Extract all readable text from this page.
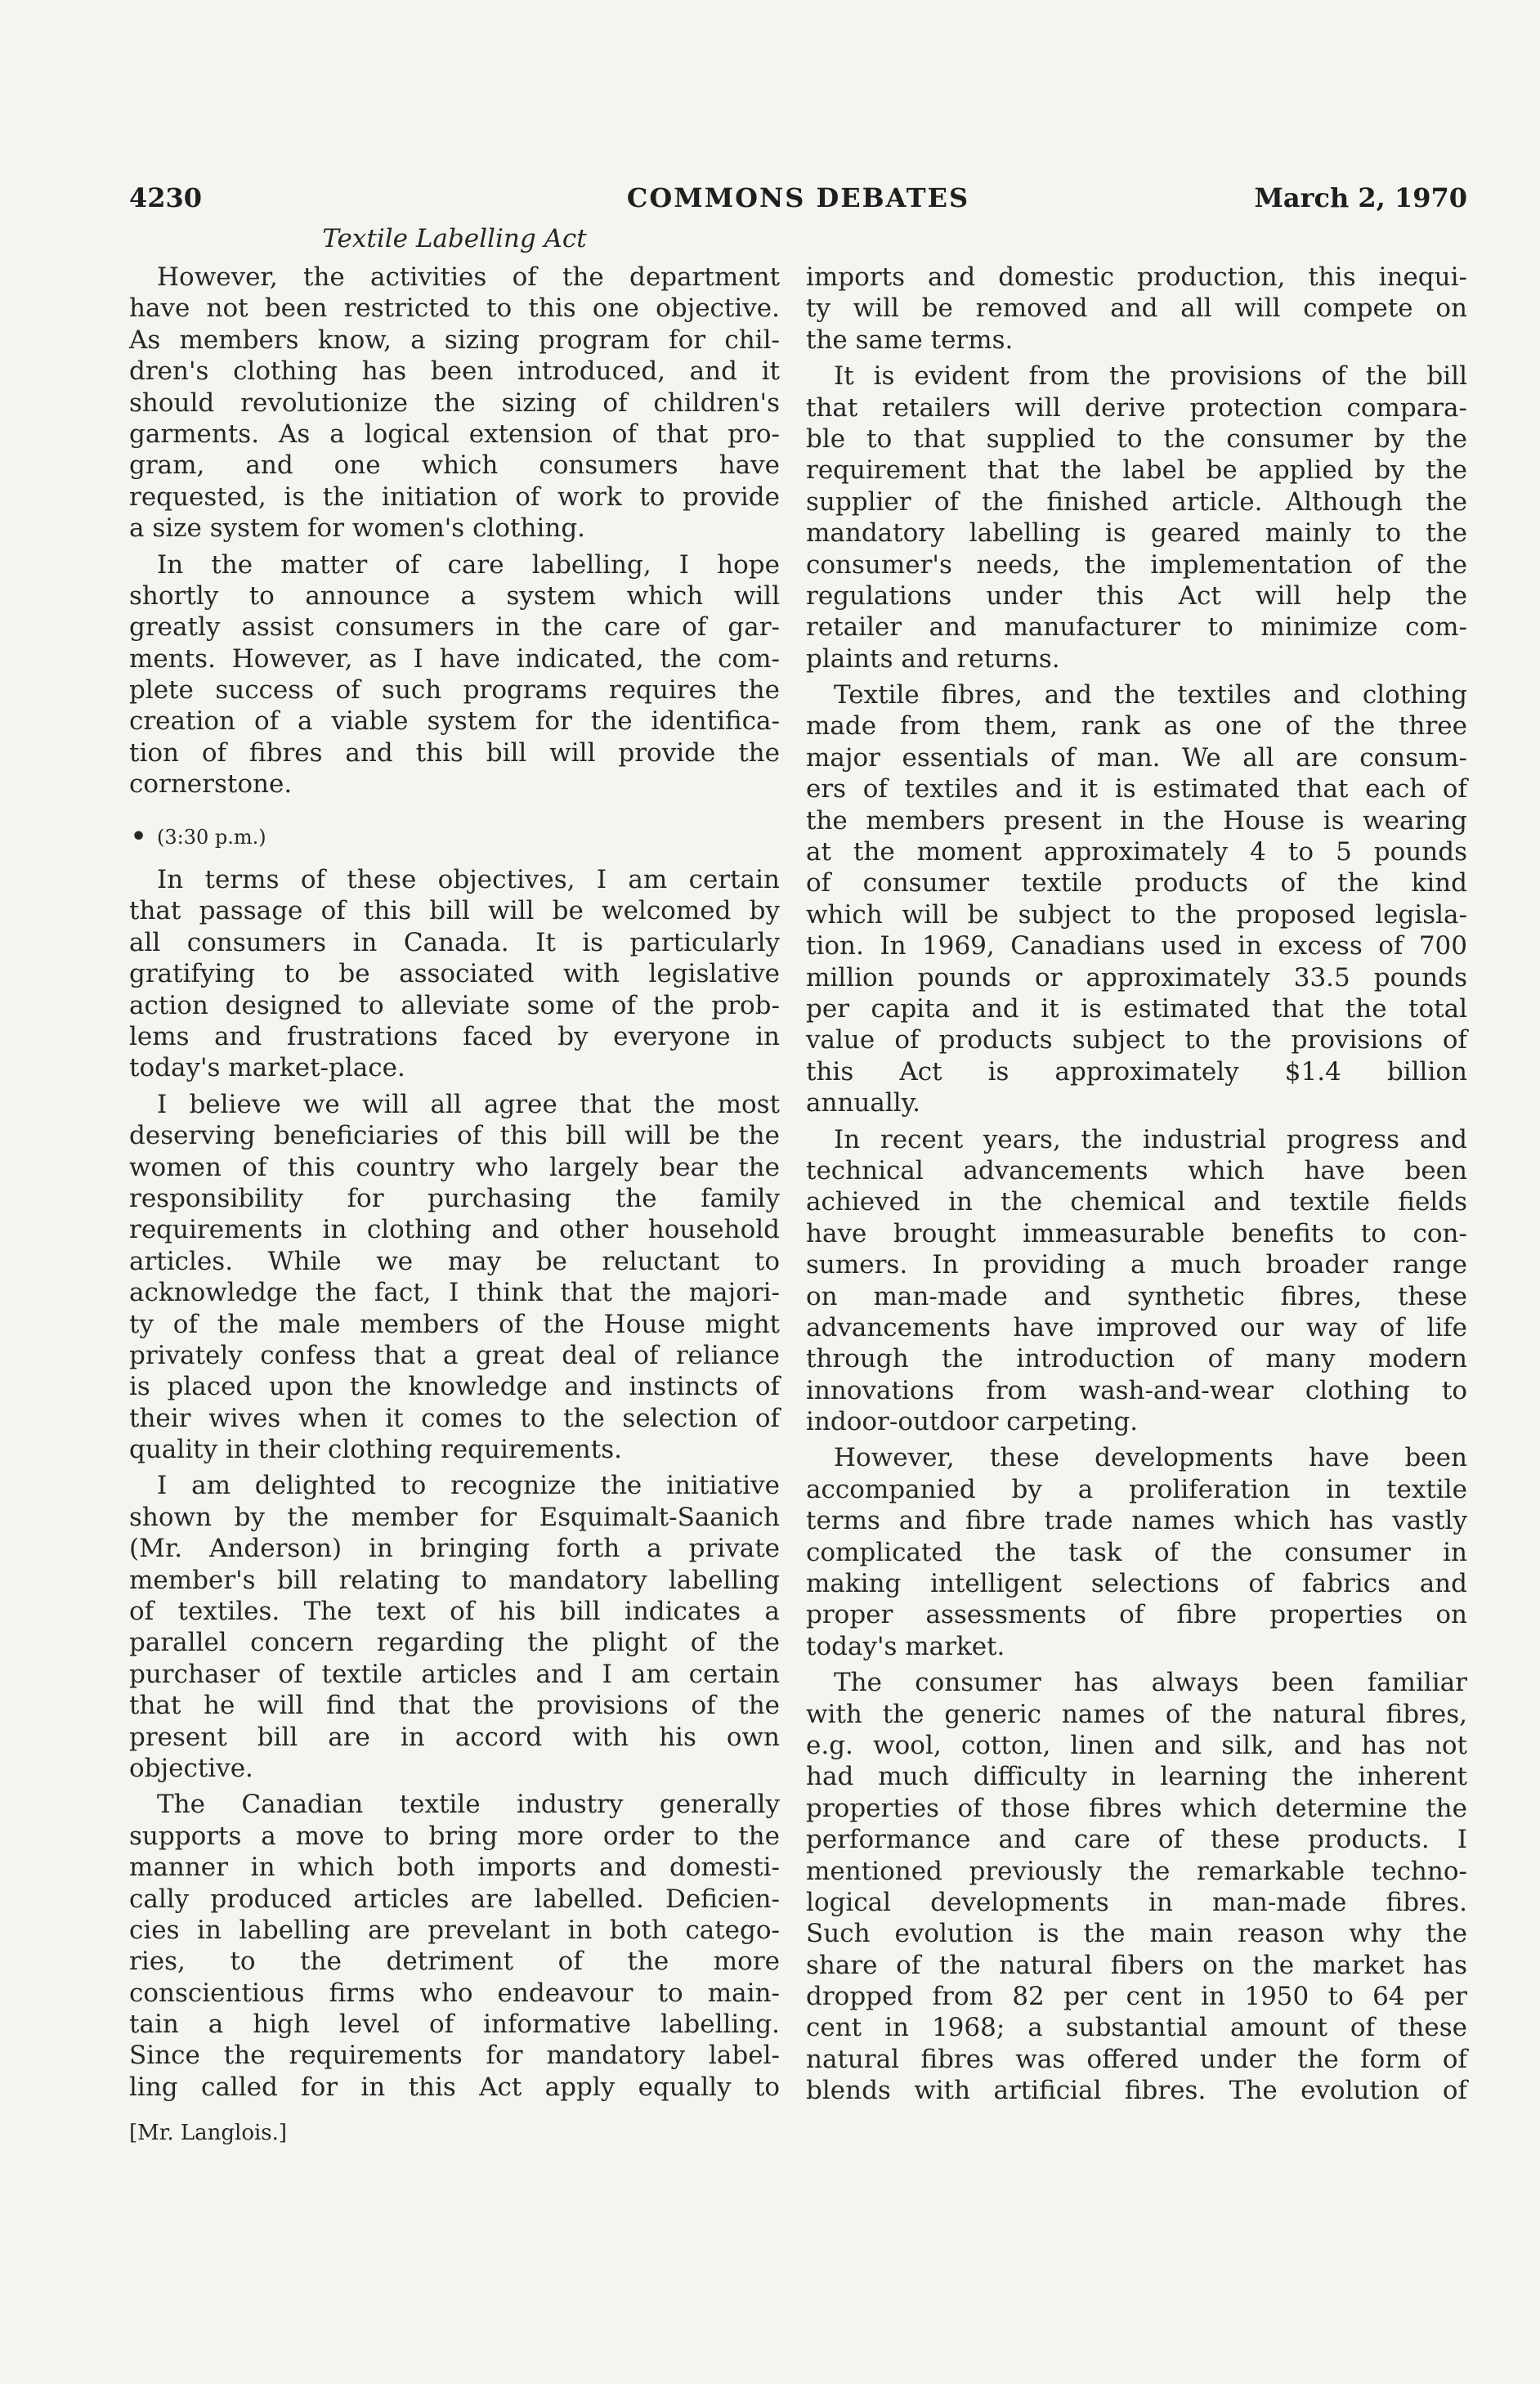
4230	COMMONS DEBATES	March 2, 1970
Textile Labelling Act
However, the activities of the department
have not been restricted to this one objective.
As members know, a sizing program for chil-
dren's clothing has been introduced, and it
should revolutionize the sizing of children's
garments. As a logical extension of that pro-
gram, and one which consumers have
requested, is the initiation of work to provide
a size system for women's clothing.
In the matter of care labelling, I hope
shortly to announce a system which will
greatly assist consumers in the care of gar-
ments. However, as I have indicated, the com-
plete success of such programs requires the
creation of a viable system for the identifica-
tion of fibres and this bill will provide the
cornerstone.
• (3:30 p.m.)
In terms of these objectives, I am certain
that passage of this bill will be welcomed by
all consumers in Canada. It is particularly
gratifying to be associated with legislative
action designed to alleviate some of the prob-
lems and frustrations faced by everyone in
today's market-place.
I believe we will all agree that the most
deserving beneficiaries of this bill will be the
women of this country who largely bear the
responsibility for purchasing the family
requirements in clothing and other household
articles. While we may be reluctant to
acknowledge the fact, I think that the majori-
ty of the male members of the House might
privately confess that a great deal of reliance
is placed upon the knowledge and instincts of
their wives when it comes to the selection of
quality in their clothing requirements.
I am delighted to recognize the initiative
shown by the member for Esquimalt-Saanich
(Mr. Anderson) in bringing forth a private
member's bill relating to mandatory labelling
of textiles. The text of his bill indicates a
parallel concern regarding the plight of the
purchaser of textile articles and I am certain
that he will find that the provisions of the
present bill are in accord with his own
objective.
The Canadian textile industry generally
supports a move to bring more order to the
manner in which both imports and domesti-
cally produced articles are labelled. Deficien-
cies in labelling are prevelant in both catego-
ries, to the detriment of the more
conscientious firms who endeavour to main-
tain a high level of informative labelling.
Since the requirements for mandatory label-
ling called for in this Act apply equally to
imports and domestic production, this inequi-
ty will be removed and all will compete on
the same terms.
It is evident from the provisions of the bill
that retailers will derive protection compara-
ble to that supplied to the consumer by the
requirement that the label be applied by the
supplier of the finished article. Although the
mandatory labelling is geared mainly to the
consumer's needs, the implementation of the
regulations under this Act will help the
retailer and manufacturer to minimize com-
plaints and returns.
Textile fibres, and the textiles and clothing
made from them, rank as one of the three
major essentials of man. We all are consum-
ers of textiles and it is estimated that each of
the members present in the House is wearing
at the moment approximately 4 to 5 pounds
of consumer textile products of the kind
which will be subject to the proposed legisla-
tion. In 1969, Canadians used in excess of 700
million pounds or approximately 33.5 pounds
per capita and it is estimated that the total
value of products subject to the provisions of
this Act is approximately $1.4 billion
annually.
In recent years, the industrial progress and
technical advancements which have been
achieved in the chemical and textile fields
have brought immeasurable benefits to con-
sumers. In providing a much broader range
on man-made and synthetic fibres, these
advancements have improved our way of life
through the introduction of many modern
innovations from wash-and-wear clothing to
indoor-outdoor carpeting.
However, these developments have been
accompanied by a proliferation in textile
terms and fibre trade names which has vastly
complicated the task of the consumer in
making intelligent selections of fabrics and
proper assessments of fibre properties on
today's market.
The consumer has always been familiar
with the generic names of the natural fibres,
e.g. wool, cotton, linen and silk, and has not
had much difficulty in learning the inherent
properties of those fibres which determine the
performance and care of these products. I
mentioned previously the remarkable techno-
logical developments in man-made fibres.
Such evolution is the main reason why the
share of the natural fibers on the market has
dropped from 82 per cent in 1950 to 64 per
cent in 1968; a substantial amount of these
natural fibres was offered under the form of
blends with artificial fibres. The evolution of
[Mr. Langlois.]
